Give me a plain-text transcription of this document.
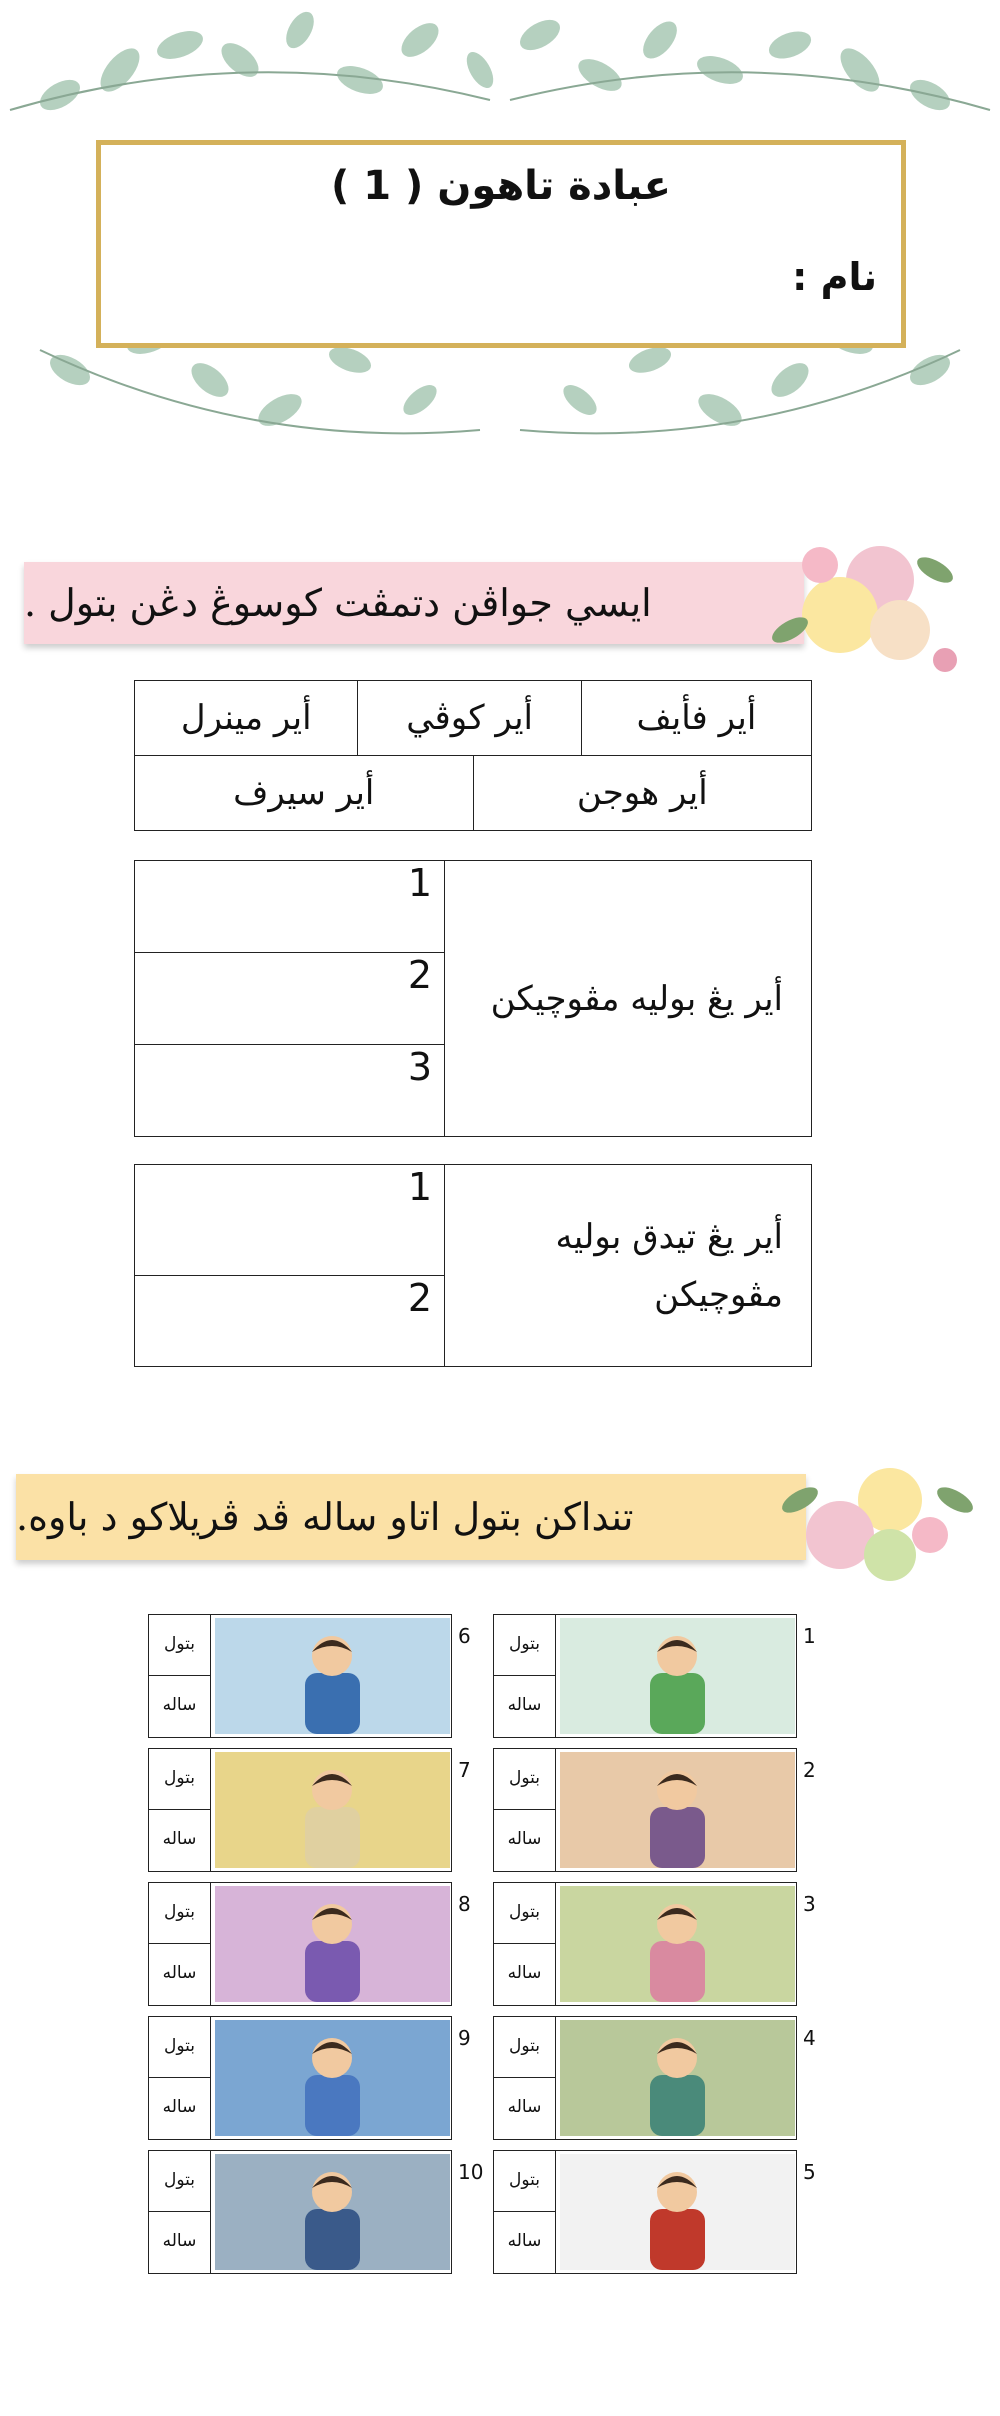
عبادة تاهون ( 1 )
نام :
ايسي جواڤن دتمڤت كوسوڠ دڠن بتول .
أير مينرل	أير كوڤي	أير فأيف
أير سيرف	أير هوجن
1	أير يڠ بوليه مڤوچيكن
2
3
1	أير يڠ تيدق بوليه مڤوچيكن
2
تنداكن بتول اتاو ساله ڤد ڤريلاكو د باوه.
1
بتول
ساله
2
بتول
ساله
3
بتول
ساله
4
بتول
ساله
5
بتول
ساله
6
بتول
ساله
7
بتول
ساله
8
بتول
ساله
9
بتول
ساله
10
بتول
ساله
